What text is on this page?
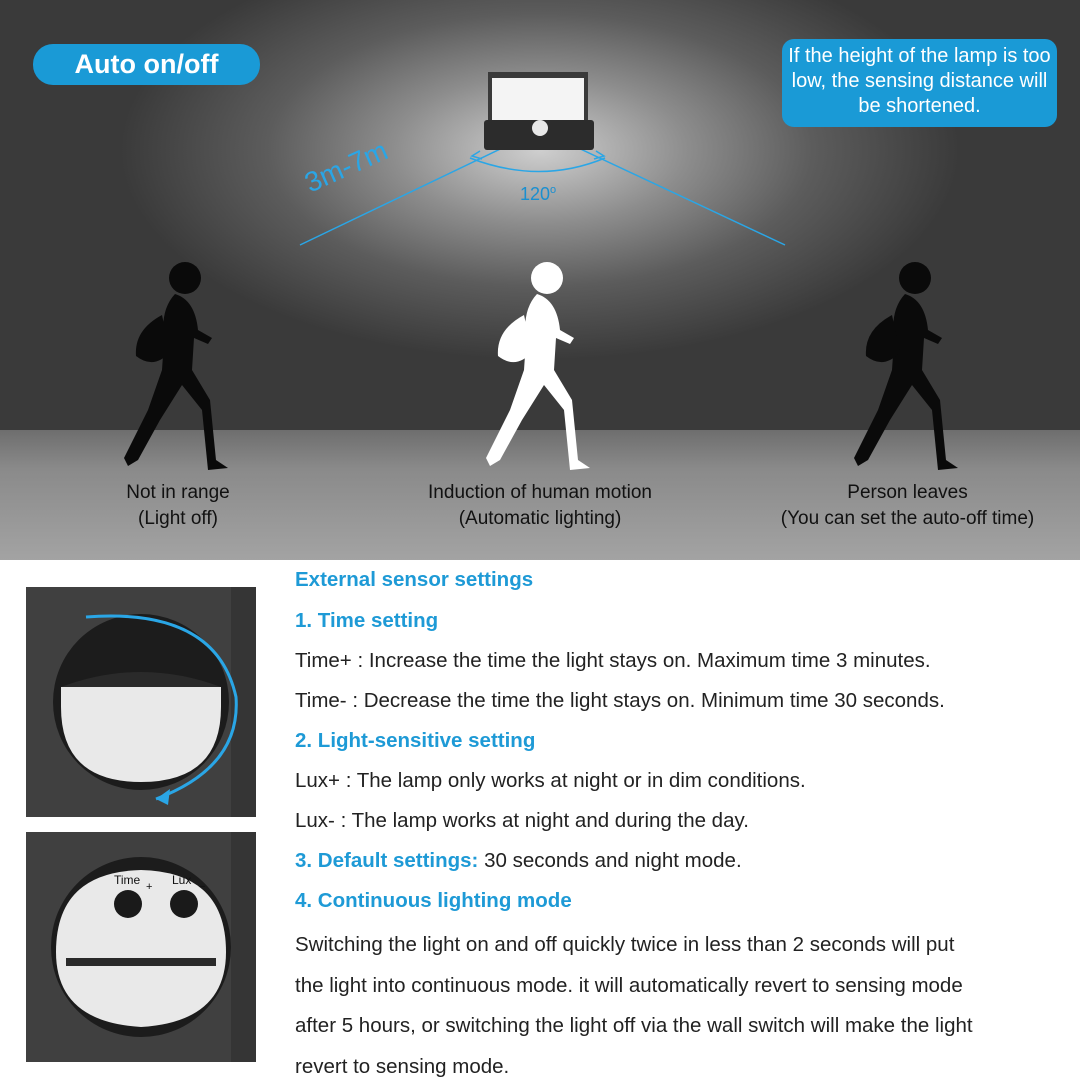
Auto on/off	If the height of the lamp is too low, the sensing distance will be shortened.
3m-7m	120$^o$
Not in range
(Light off)
Induction of human motion
(Automatic lighting)
Person leaves
(You can set the auto-off time)
Time	Lux
+	−
External sensor settings
1. Time setting
Time+ : Increase the time the light stays on. Maximum time 3 minutes.
Time- : Decrease the time the light stays on. Minimum time 30 seconds.
2. Light-sensitive setting
Lux+ : The lamp only works at night or in dim conditions.
Lux- : The lamp works at night and during the day.
3. Default settings: 30 seconds and night mode.
4. Continuous lighting mode
Switching the light on and off quickly twice in less than 2 seconds will put
the light into continuous mode. it will automatically revert to sensing mode
after 5 hours, or switching the light off via the wall switch will make the light
revert to sensing mode.
